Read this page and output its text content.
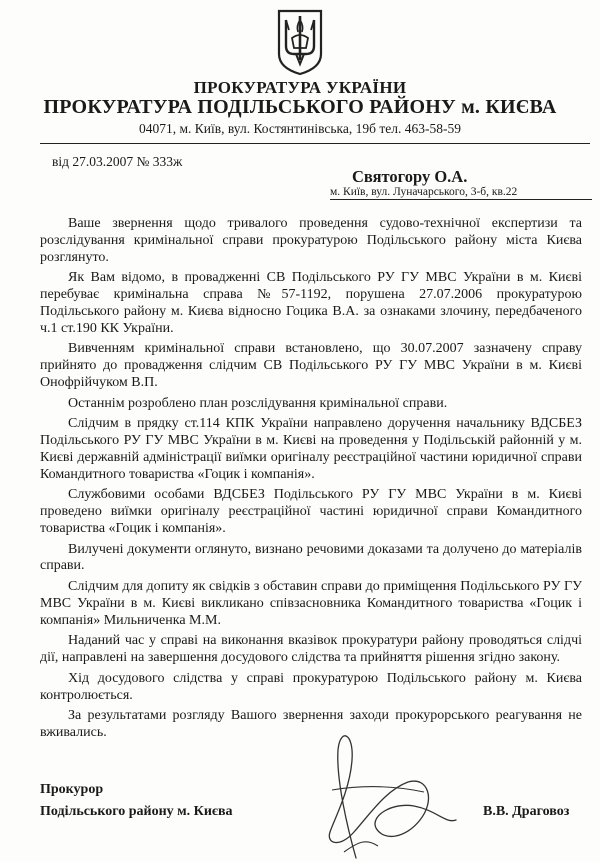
ПРОКУРАТУРА УКРАЇНИ
ПРОКУРАТУРА ПОДІЛЬСЬКОГО РАЙОНУ м. КИЄВА
04071, м. Київ, вул. Костянтинівська, 19б тел. 463-58-59
від 27.03.2007 № 333ж
Святогору О.А.
м. Київ, вул. Луначарського, 3-б, кв.22

Ваше звернення щодо тривалого проведення судово-технічної експертизи та розслідування кримінальної справи прокуратурою Подільського району міста Києва розглянуто.

Як Вам відомо, в провадженні СВ Подільського РУ ГУ МВС України в м. Києві перебуває кримінальна справа №57-1192, порушена 27.07.2006 прокуратурою Подільського району м. Києва відносно Гоцика В.А. за ознаками злочину, передбаченого ч.1 ст.190 КК України.

Вивченням кримінальної справи встановлено, що 30.07.2007 зазначену справу прийнято до провадження слідчим СВ Подільського РУ ГУ МВС України в м. Києві Онофрійчуком В.П.

Останнім розроблено план розслідування кримінальної справи.

Слідчим в прядку ст.114 КПК України направлено доручення начальнику ВДСБЕЗ Подільського РУ ГУ МВС України в м. Києві на проведення у Подільській районній у м. Києві державній адміністрації виїмки оригіналу реєстраційної частини юридичної справи Командитного товариства «Гоцик і компанія».

Службовими особами ВДСБЕЗ Подільського РУ ГУ МВС України в м. Києві проведено виїмки оригіналу реєстраційної частині юридичної справи Командитного товариства «Гоцик і компанія».

Вилучені документи оглянуто, визнано речовими доказами та долучено до матеріалів справи.

Слідчим для допиту як свідків з обставин справи до приміщення Подільського РУ ГУ МВС України в м. Києві викликано співзасновника Командитного товариства «Гоцик і компанія» Мильниченка М.М.

Наданий час у справі на виконання вказівок прокуратури району проводяться слідчі дії, направлені на завершення досудового слідства та прийняття рішення згідно закону.

Хід досудового слідства у справі прокуратурою Подільського району м. Києва контролюється.

За результатами розгляду Вашого звернення заходи прокурорського реагування не вживались.

Прокурор
Подільського району м. Києва	В.В. Драговоз
